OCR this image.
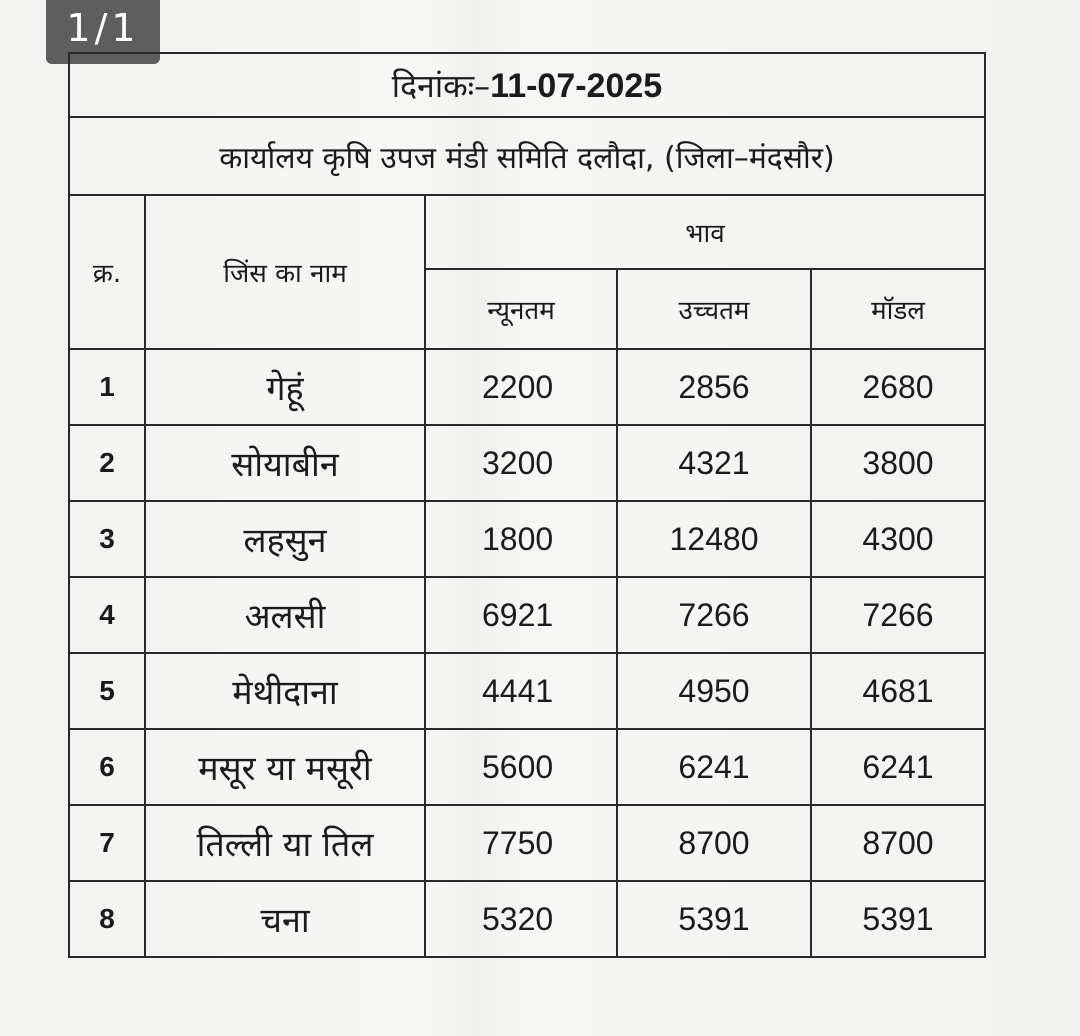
1/1
दिनांकः–11-07-2025				
कार्यालय कृषि उपज मंडी समिति दलौदा, (जिला–मंदसौर)				
क्र.	जिंस का नाम	भाव		
		न्यूनतम	उच्चतम	मॉडल
1	गेहूं	2200	2856	2680
2	सोयाबीन	3200	4321	3800
3	लहसुन	1800	12480	4300
4	अलसी	6921	7266	7266
5	मेथीदाना	4441	4950	4681
6	मसूर या मसूरी	5600	6241	6241
7	तिल्ली या तिल	7750	8700	8700
8	चना	5320	5391	5391
